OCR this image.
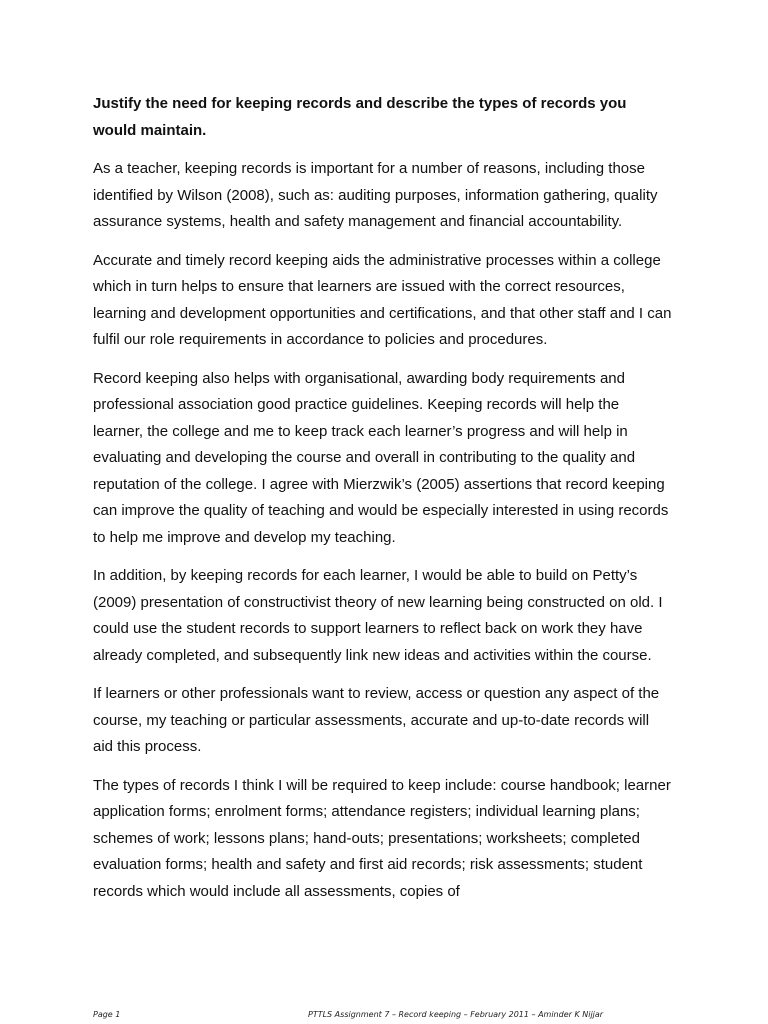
Justify the need for keeping records and describe the types of records you would maintain.

As a teacher, keeping records is important for a number of reasons, including those identified by Wilson (2008), such as: auditing purposes, information gathering, quality assurance systems, health and safety management and financial accountability.

Accurate and timely record keeping aids the administrative processes within a college which in turn helps to ensure that learners are issued with the correct resources, learning and development opportunities and certifications, and that other staff and I can fulfil our role requirements in accordance to policies and procedures.

Record keeping also helps with organisational, awarding body requirements and professional association good practice guidelines. Keeping records will help the learner, the college and me to keep track each learner’s progress and will help in evaluating and developing the course and overall in contributing to the quality and reputation of the college. I agree with Mierzwik’s (2005) assertions that record keeping can improve the quality of teaching and would be especially interested in using records to help me improve and develop my teaching.

In addition, by keeping records for each learner, I would be able to build on Petty’s (2009) presentation of constructivist theory of new learning being constructed on old. I could use the student records to support learners to reflect back on work they have already completed, and subsequently link new ideas and activities within the course.

If learners or other professionals want to review, access or question any aspect of the course, my teaching or particular assessments, accurate and up-to-date records will aid this process.

The types of records I think I will be required to keep include: course handbook; learner application forms; enrolment forms; attendance registers; individual learning plans; schemes of work; lessons plans; hand-outs; presentations; worksheets; completed evaluation forms; health and safety and first aid records; risk assessments; student records which would include all assessments, copies of

Page 1	PTTLS Assignment 7 – Record keeping – February 2011 – Aminder K Nijjar
